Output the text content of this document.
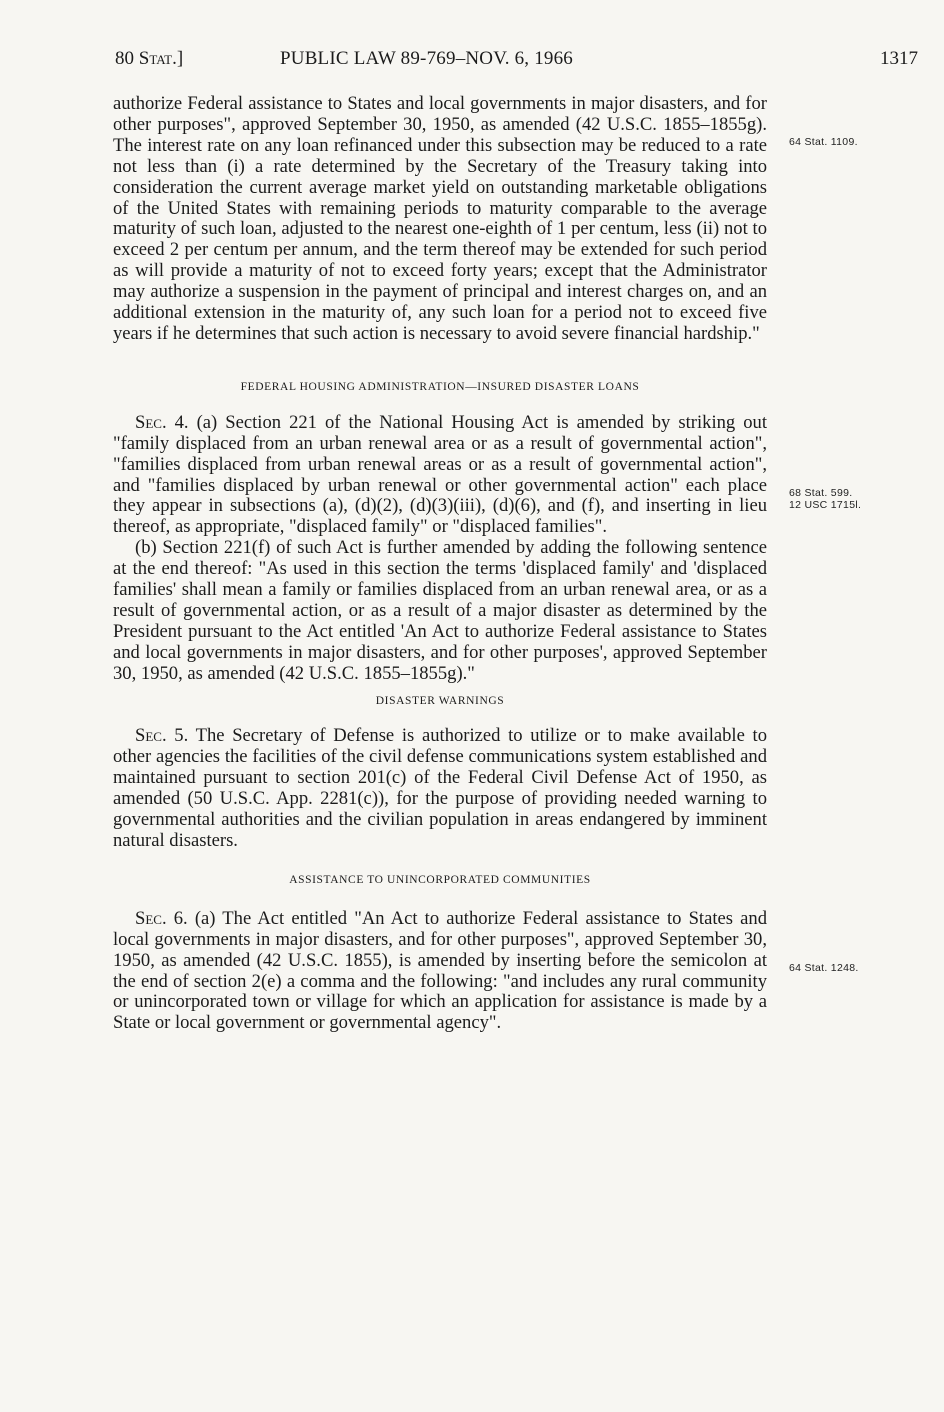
80 Stat.]	PUBLIC LAW 89-769–NOV. 6, 1966	1317

authorize Federal assistance to States and local governments in major disasters, and for other purposes", approved September 30, 1950, as amended (42 U.S.C. 1855–1855g). The interest rate on any loan refinanced under this subsection may be reduced to a rate not less than (i) a rate determined by the Secretary of the Treasury taking into consideration the current average market yield on outstanding marketable obligations of the United States with remaining periods to maturity comparable to the average maturity of such loan, adjusted to the nearest one-eighth of 1 per centum, less (ii) not to exceed 2 per centum per annum, and the term thereof may be extended for such period as will provide a maturity of not to exceed forty years; except that the Administrator may authorize a suspension in the payment of principal and interest charges on, and an additional extension in the maturity of, any such loan for a period not to exceed five years if he determines that such action is necessary to avoid severe financial hardship."

FEDERAL HOUSING ADMINISTRATION—INSURED DISASTER LOANS

Sec. 4. (a) Section 221 of the National Housing Act is amended by striking out "family displaced from an urban renewal area or as a result of governmental action", "families displaced from urban renewal areas or as a result of governmental action", and "families displaced by urban renewal or other governmental action" each place they appear in subsections (a), (d)(2), (d)(3)(iii), (d)(6), and (f), and inserting in lieu thereof, as appropriate, "displaced family" or "displaced families".

(b) Section 221(f) of such Act is further amended by adding the following sentence at the end thereof: "As used in this section the terms 'displaced family' and 'displaced families' shall mean a family or families displaced from an urban renewal area, or as a result of governmental action, or as a result of a major disaster as determined by the President pursuant to the Act entitled 'An Act to authorize Federal assistance to States and local governments in major disasters, and for other purposes', approved September 30, 1950, as amended (42 U.S.C. 1855–1855g)."

DISASTER WARNINGS

Sec. 5. The Secretary of Defense is authorized to utilize or to make available to other agencies the facilities of the civil defense communications system established and maintained pursuant to section 201(c) of the Federal Civil Defense Act of 1950, as amended (50 U.S.C. App. 2281(c)), for the purpose of providing needed warning to governmental authorities and the civilian population in areas endangered by imminent natural disasters.

ASSISTANCE TO UNINCORPORATED COMMUNITIES

Sec. 6. (a) The Act entitled "An Act to authorize Federal assistance to States and local governments in major disasters, and for other purposes", approved September 30, 1950, as amended (42 U.S.C. 1855), is amended by inserting before the semicolon at the end of section 2(e) a comma and the following: "and includes any rural community or unincorporated town or village for which an application for assistance is made by a State or local government or governmental agency".

64 Stat. 1109.
68 Stat. 599.
12 USC 1715l.
64 Stat. 1248.
